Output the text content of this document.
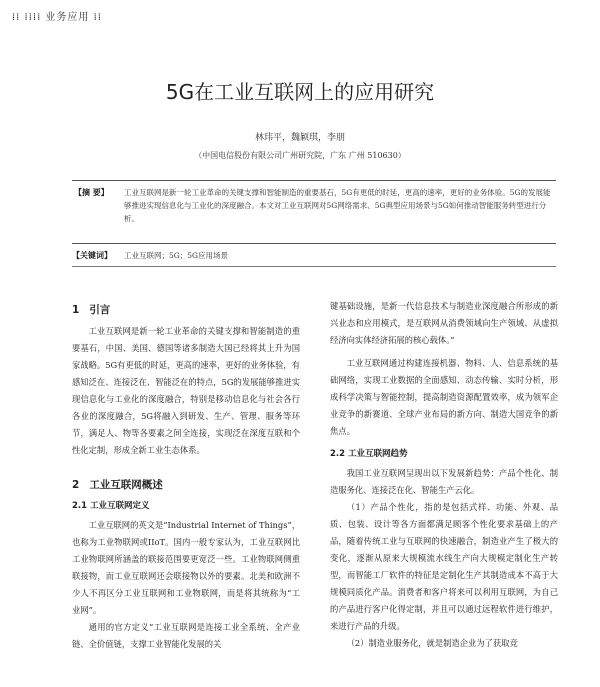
⁞⁞ ⁞⁞⁞⁞ 业务应用 ⁞⁞
5G在工业互联网上的应用研究
林玮平，魏颖琪，李朋
（中国电信股份有限公司广州研究院，广东 广州 510630）
【摘 要】 工业互联网是新一轮工业革命的关键支撑和智能制造的重要基石，5G有更低的时延，更高的速率，更好的业务体验。5G的发展能够推进实现信息化与工业化的深度融合。本文对工业互联网对5G网络需求、5G典型应用场景与5G如何推动智能服务转型进行分析。
【关键词】 工业互联网；5G；5G应用场景
1 引言

工业互联网是新一轮工业革命的关键支撑和智能制造的重要基石，中国、美国、德国等诸多制造大国已经将其上升为国家战略。5G有更低的时延，更高的速率，更好的业务体验，有感知泛在、连接泛在、智能泛在的特点，5G的发展能够推进实现信息化与工业化的深度融合，特别是移动信息化与社会各行各业的深度融合，5G将融入到研发、生产、管理、服务等环节，满足人、物等各要素之间全连接，实现泛在深度互联和个性化定制，形成全新工业生态体系。

2 工业互联网概述
2.1 工业互联网定义

工业互联网的英文是“Industrial Internet of Things”，也称为工业物联网或IIoT。国内一般专家认为，工业互联网比工业物联网所涵盖的联接范围要更宽泛一些。工业物联网侧重联接物，而工业互联网还会联接物以外的要素。北美和欧洲不少人不再区分工业互联网和工业物联网，而是将其统称为“工业网”。

通用的官方定义“工业互联网是连接工业全系统、全产业链、全价值链，支撑工业智能化发展的关

键基础设施，是新一代信息技术与制造业深度融合所形成的新兴业态和应用模式，是互联网从消费领域向生产领域、从虚拟经济向实体经济拓展的核心载体。”

工业互联网通过构建连接机器、物料、人、信息系统的基础网络，实现工业数据的全面感知、动态传输、实时分析，形成科学决策与智能控制，提高制造资源配置效率，成为领军企业竞争的新赛道、全球产业布局的新方向、制造大国竞争的新焦点。

2.2 工业互联网趋势

我国工业互联网呈现出以下发展新趋势：产品个性化、制造服务化、连接泛在化、智能生产云化。

（1）产品个性化，指的是包括式样、功能、外观、品质、包装、设计等各方面都满足顾客个性化要求基础上的产品，随着传统工业与互联网的快速融合，制造业产生了极大的变化，逐渐从原来大规模流水线生产向大规模定制化生产转型，而智能工厂软件的特征是定制化生产其制造成本不高于大规模同质化产品。消费者和客户将来可以利用互联网，为自己的产品进行客户化得定制，并且可以通过远程软件进行维护，来进行产品的升级。

（2）制造业服务化，就是制造企业为了获取竞
